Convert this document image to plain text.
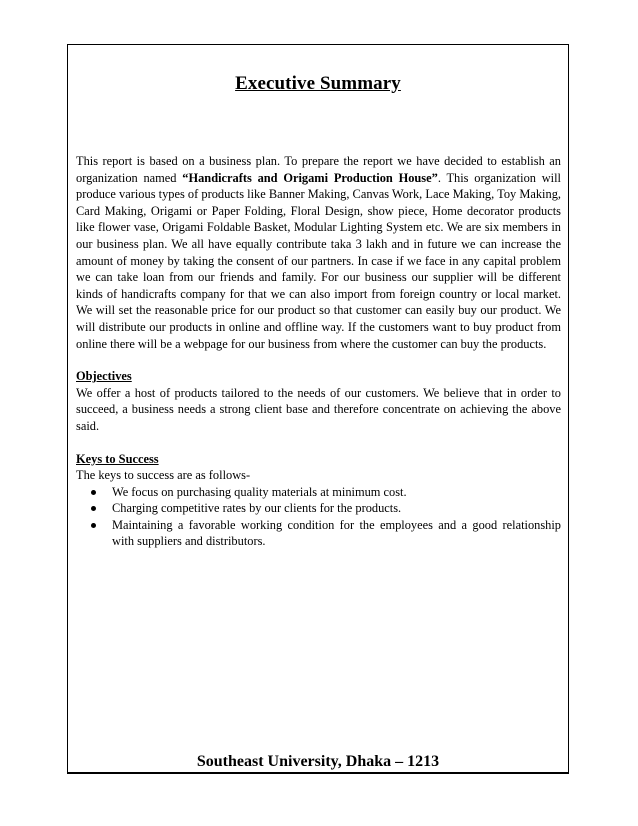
Executive Summary

This report is based on a business plan. To prepare the report we have decided to establish an organization named “Handicrafts and Origami Production House”. This organization will produce various types of products like Banner Making, Canvas Work, Lace Making, Toy Making, Card Making, Origami or Paper Folding, Floral Design, show piece, Home decorator products like flower vase, Origami Foldable Basket, Modular Lighting System etc. We are six members in our business plan. We all have equally contribute taka 3 lakh and in future we can increase the amount of money by taking the consent of our partners. In case if we face in any capital problem we can take loan from our friends and family. For our business our supplier will be different kinds of handicrafts company for that we can also import from foreign country or local market. We will set the reasonable price for our product so that customer can easily buy our product. We will distribute our products in online and offline way. If the customers want to buy product from online there will be a webpage for our business from where the customer can buy the products.

Objectives

We offer a host of products tailored to the needs of our customers. We believe that in order to succeed, a business needs a strong client base and therefore concentrate on achieving the above said.

Keys to Success

The keys to success are as follows-

We focus on purchasing quality materials at minimum cost.
Charging competitive rates by our clients for the products.
Maintaining a favorable working condition for the employees and a good relationship with suppliers and distributors.
Southeast University, Dhaka – 1213
